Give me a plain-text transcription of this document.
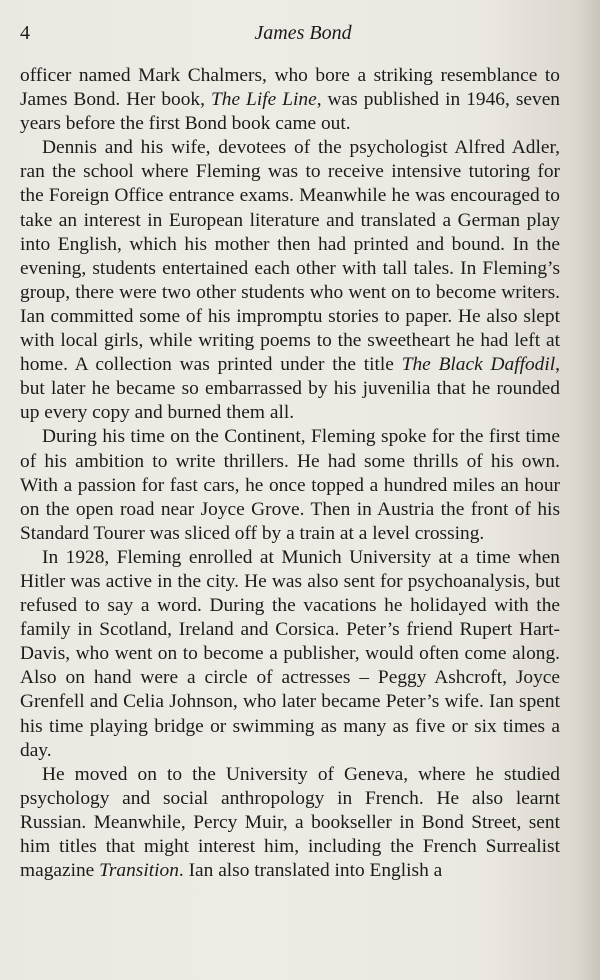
4	James Bond

officer named Mark Chalmers, who bore a striking resemblance to James Bond. Her book, The Life Line, was published in 1946, seven years before the first Bond book came out.

Dennis and his wife, devotees of the psychologist Alfred Adler, ran the school where Fleming was to receive intensive tutoring for the Foreign Office entrance exams. Meanwhile he was encouraged to take an interest in European literature and translated a German play into English, which his mother then had printed and bound. In the evening, students entertained each other with tall tales. In Fleming’s group, there were two other students who went on to become writers. Ian committed some of his impromptu stories to paper. He also slept with local girls, while writing poems to the sweetheart he had left at home. A collection was printed under the title The Black Daffodil, but later he became so embarrassed by his juvenilia that he rounded up every copy and burned them all.

During his time on the Continent, Fleming spoke for the first time of his ambition to write thrillers. He had some thrills of his own. With a passion for fast cars, he once topped a hundred miles an hour on the open road near Joyce Grove. Then in Austria the front of his Standard Tourer was sliced off by a train at a level crossing.

In 1928, Fleming enrolled at Munich University at a time when Hitler was active in the city. He was also sent for psychoanalysis, but refused to say a word. During the vacations he holidayed with the family in Scotland, Ireland and Corsica. Peter’s friend Rupert Hart-Davis, who went on to become a publisher, would often come along. Also on hand were a circle of actresses – Peggy Ashcroft, Joyce Grenfell and Celia Johnson, who later became Peter’s wife. Ian spent his time playing bridge or swimming as many as five or six times a day.

He moved on to the University of Geneva, where he studied psychology and social anthropology in French. He also learnt Russian. Meanwhile, Percy Muir, a bookseller in Bond Street, sent him titles that might interest him, including the French Surrealist magazine Transition. Ian also translated into English a
